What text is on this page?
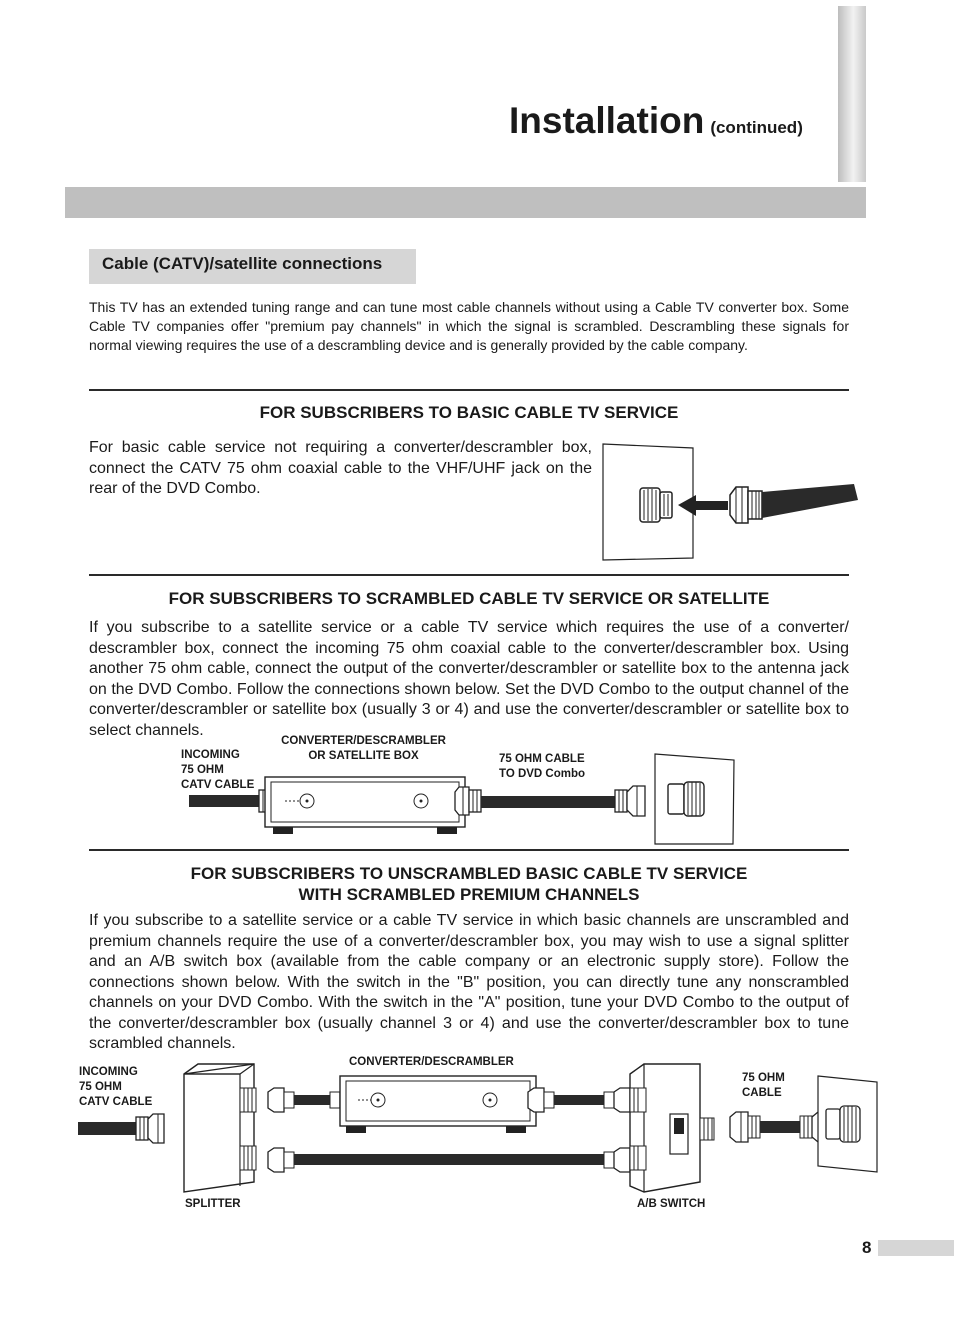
Installation (continued)
Cable (CATV)/satellite connections
This TV has an extended tuning range and can tune most cable channels without using a Cable TV converter box. Some Cable TV companies offer "premium pay channels" in which the signal is scrambled. Descrambling these signals for normal viewing requires the use of a descrambling device and is generally provided by the cable company.
FOR SUBSCRIBERS TO BASIC CABLE TV SERVICE
For basic cable service not requiring a converter/descrambler box, connect the CATV 75 ohm coaxial cable to the VHF/UHF jack on the rear of the DVD Combo.
FOR SUBSCRIBERS TO SCRAMBLED CABLE TV SERVICE OR SATELLITE
If you subscribe to a satellite service or a cable TV service which requires the use of a converter/ descrambler box, connect the incoming 75 ohm coaxial cable to the converter/descrambler box. Using another 75 ohm cable, connect the output of the converter/descrambler or satellite box to the antenna jack on the DVD Combo. Follow the connections shown below. Set the DVD Combo to the output channel of the converter/descrambler or satellite box (usually 3 or 4) and use the converter/descrambler or satellite box to select channels.
INCOMING
75 OHM
CATV CABLE
CONVERTER/DESCRAMBLER
OR SATELLITE BOX	75 OHM CABLE
TO DVD Combo
FOR SUBSCRIBERS TO UNSCRAMBLED BASIC CABLE TV SERVICE
WITH SCRAMBLED PREMIUM CHANNELS
If you subscribe to a satellite service or a cable TV service in which basic channels are unscrambled and premium channels require the use of a converter/descrambler box, you may wish to use a signal splitter and an A/B switch box (available from the cable company or an electronic supply store). Follow the connections shown below. With the switch in the "B" position, you can directly tune any nonscrambled channels on your DVD Combo. With the switch in the "A" position, tune your DVD Combo to the output of the converter/descrambler box (usually channel 3 or 4) and use the converter/descrambler box to tune scrambled channels.
INCOMING
75 OHM
CATV CABLE
CONVERTER/DESCRAMBLER
75 OHM
CABLE
SPLITTER	A/B SWITCH
8
